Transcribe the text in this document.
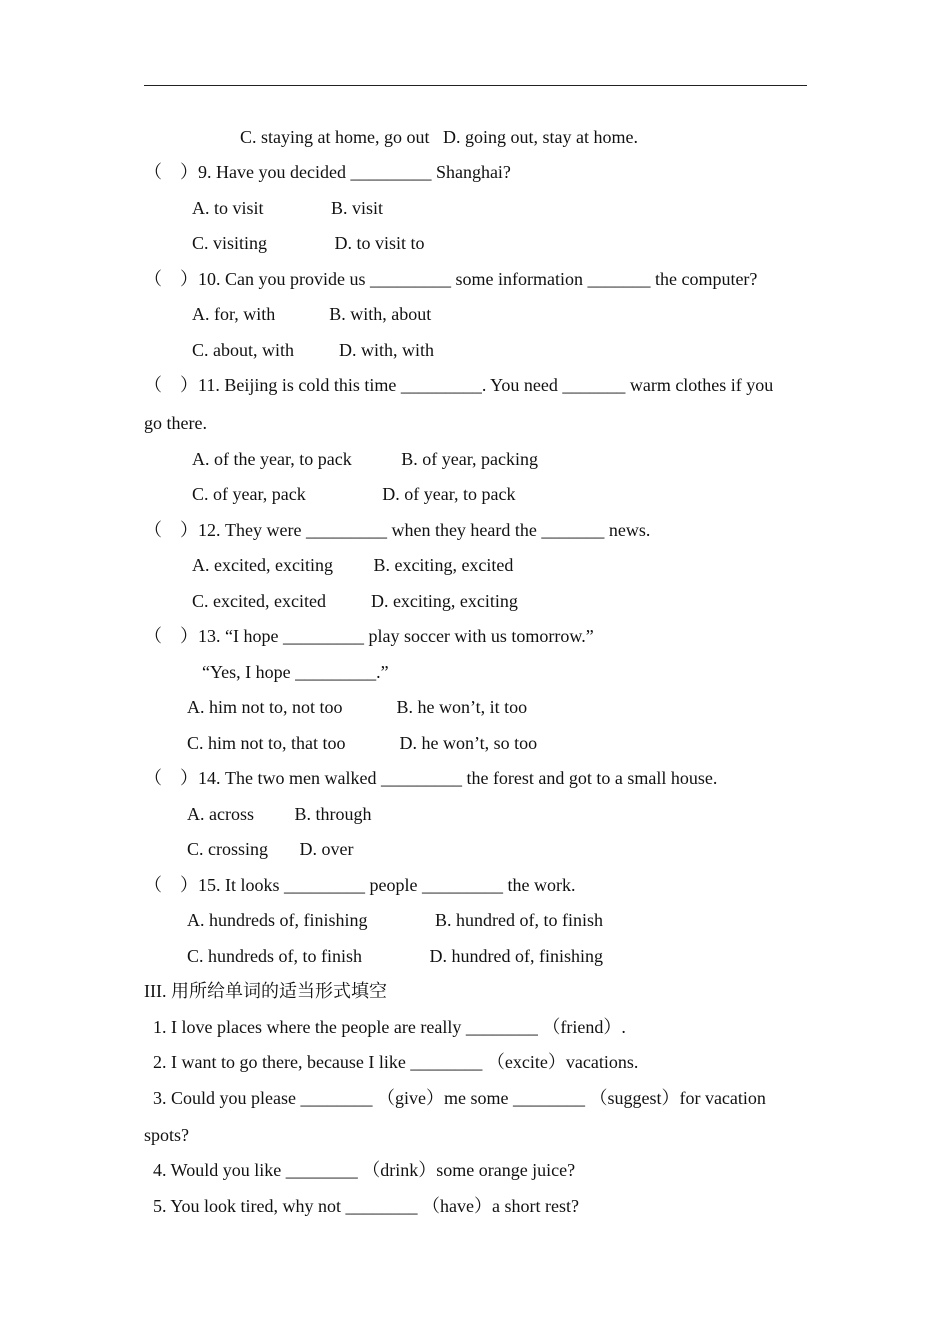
C. staying at home, go out   D. going out, stay at home.
（    ）9. Have you decided _________ Shanghai?
A. to visit               B. visit
C. visiting               D. to visit to
（    ）10. Can you provide us _________ some information _______ the computer?
A. for, with            B. with, about
C. about, with          D. with, with
（    ）11. Beijing is cold this time _________. You need _______ warm clothes if you
go there.
A. of the year, to pack           B. of year, packing
C. of year, pack                 D. of year, to pack
（    ）12. They were _________ when they heard the _______ news.
A. excited, exciting         B. exciting, excited
C. excited, excited          D. exciting, exciting
（    ）13. “I hope _________ play soccer with us tomorrow.”
“Yes, I hope _________.”
A. him not to, not too            B. he won’t, it too
C. him not to, that too            D. he won’t, so too
（    ）14. The two men walked _________ the forest and got to a small house.
A. across         B. through
C. crossing       D. over
（    ）15. It looks _________ people _________ the work.
A. hundreds of, finishing               B. hundred of, to finish
C. hundreds of, to finish               D. hundred of, finishing
III. 用所给单词的适当形式填空
1. I love places where the people are really ________ （friend）.
2. I want to go there, because I like ________ （excite）vacations.
3. Could you please ________ （give）me some ________ （suggest）for vacation
spots?
4. Would you like ________ （drink）some orange juice?
5. You look tired, why not ________ （have）a short rest?
